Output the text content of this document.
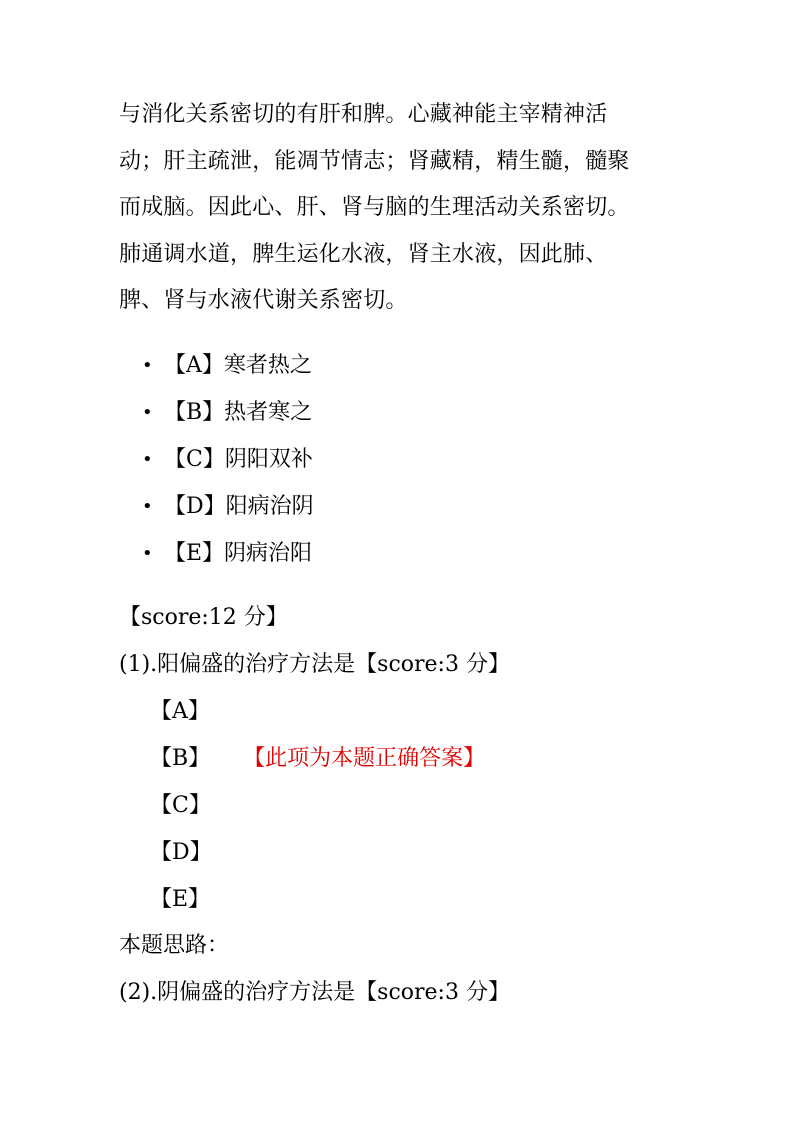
与消化关系密切的有肝和脾。心藏神能主宰精神活
动；肝主疏泄，能凋节情志；肾藏精，精生髓，髓聚
而成脑。因此心、肝、肾与脑的生理活动关系密切。
肺通调水道，脾生运化水液，肾主水液，因此肺、
脾、肾与水液代谢关系密切。
• 【A】寒者热之
• 【B】热者寒之
• 【C】阴阳双补
• 【D】阳病治阴
• 【E】阴病治阳
【score:12 分】
(1).阳偏盛的治疗方法是【score:3 分】
【A】
【B】 【此项为本题正确答案】
【C】
【D】
【E】
本题思路：
(2).阴偏盛的治疗方法是【score:3 分】
